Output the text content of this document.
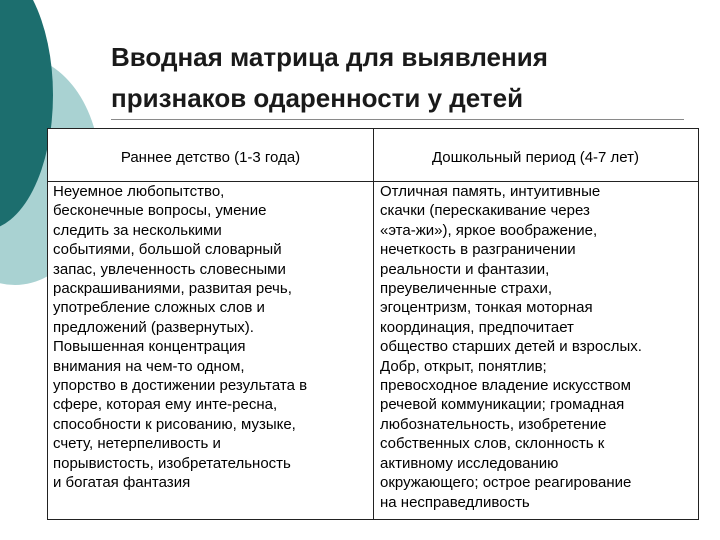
Вводная матрица для выявления
признаков одаренности у детей
Раннее детство (1-3 года)	Дошкольный период (4-7 лет)
Неуемное любопытство,
бесконечные вопросы, умение
следить за несколькими
событиями, большой словарный
запас, увлеченность словесными
раскрашиваниями, развитая речь,
употребление сложных слов и
предложений (развернутых).
Повышенная концентрация
внимания на чем-то одном,
упорство в достижении результата в
сфере, которая ему инте-ресна,
способности к рисованию, музыке,
счету, нетерпеливость и
порывистость, изобретательность
и богатая фантазия
Отличная память, интуитивные
скачки (перескакивание через
«эта-жи»), яркое воображение,
нечеткость в разграничении
реальности и фантазии,
преувеличенные страхи,
эгоцентризм, тонкая моторная
координация, предпочитает
общество старших детей и взрослых.
Добр, открыт, понятлив;
превосходное владение искусством
речевой коммуникации; громадная
любознательность, изобретение
собственных слов, склонность к
активному исследованию
окружающего; острое реагирование
на несправедливость
